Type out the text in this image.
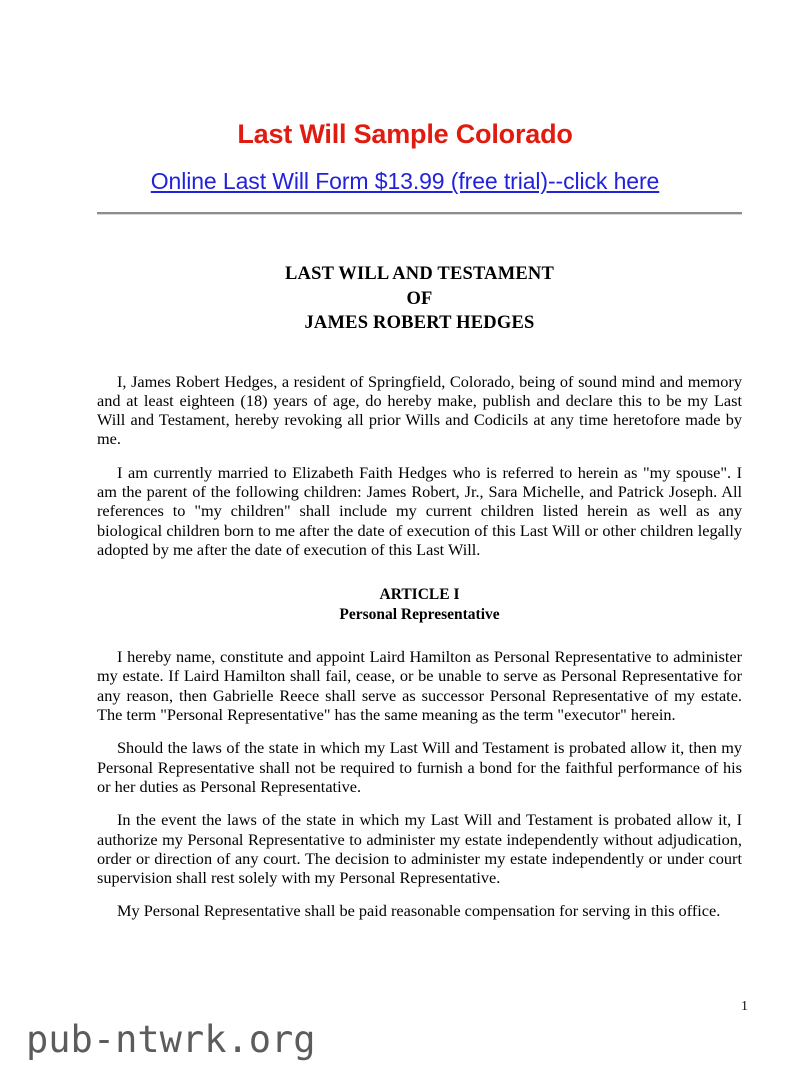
Last Will Sample Colorado
Online Last Will Form $13.99 (free trial)--click here
LAST WILL AND TESTAMENT
OF
JAMES ROBERT HEDGES

I, James Robert Hedges, a resident of Springfield, Colorado, being of sound mind and memory and at least eighteen (18) years of age, do hereby make, publish and declare this to be my Last Will and Testament, hereby revoking all prior Wills and Codicils at any time heretofore made by me.

I am currently married to Elizabeth Faith Hedges who is referred to herein as "my spouse". I am the parent of the following children: James Robert, Jr., Sara Michelle, and Patrick Joseph. All references to "my children" shall include my current children listed herein as well as any biological children born to me after the date of execution of this Last Will or other children legally adopted by me after the date of execution of this Last Will.

ARTICLE I
Personal Representative

I hereby name, constitute and appoint Laird Hamilton as Personal Representative to administer my estate. If Laird Hamilton shall fail, cease, or be unable to serve as Personal Representative for any reason, then Gabrielle Reece shall serve as successor Personal Representative of my estate. The term "Personal Representative" has the same meaning as the term "executor" herein.

Should the laws of the state in which my Last Will and Testament is probated allow it, then my Personal Representative shall not be required to furnish a bond for the faithful performance of his or her duties as Personal Representative.

In the event the laws of the state in which my Last Will and Testament is probated allow it, I authorize my Personal Representative to administer my estate independently without adjudication, order or direction of any court. The decision to administer my estate independently or under court supervision shall rest solely with my Personal Representative.

My Personal Representative shall be paid reasonable compensation for serving in this office.

1
pub-ntwrk.org
